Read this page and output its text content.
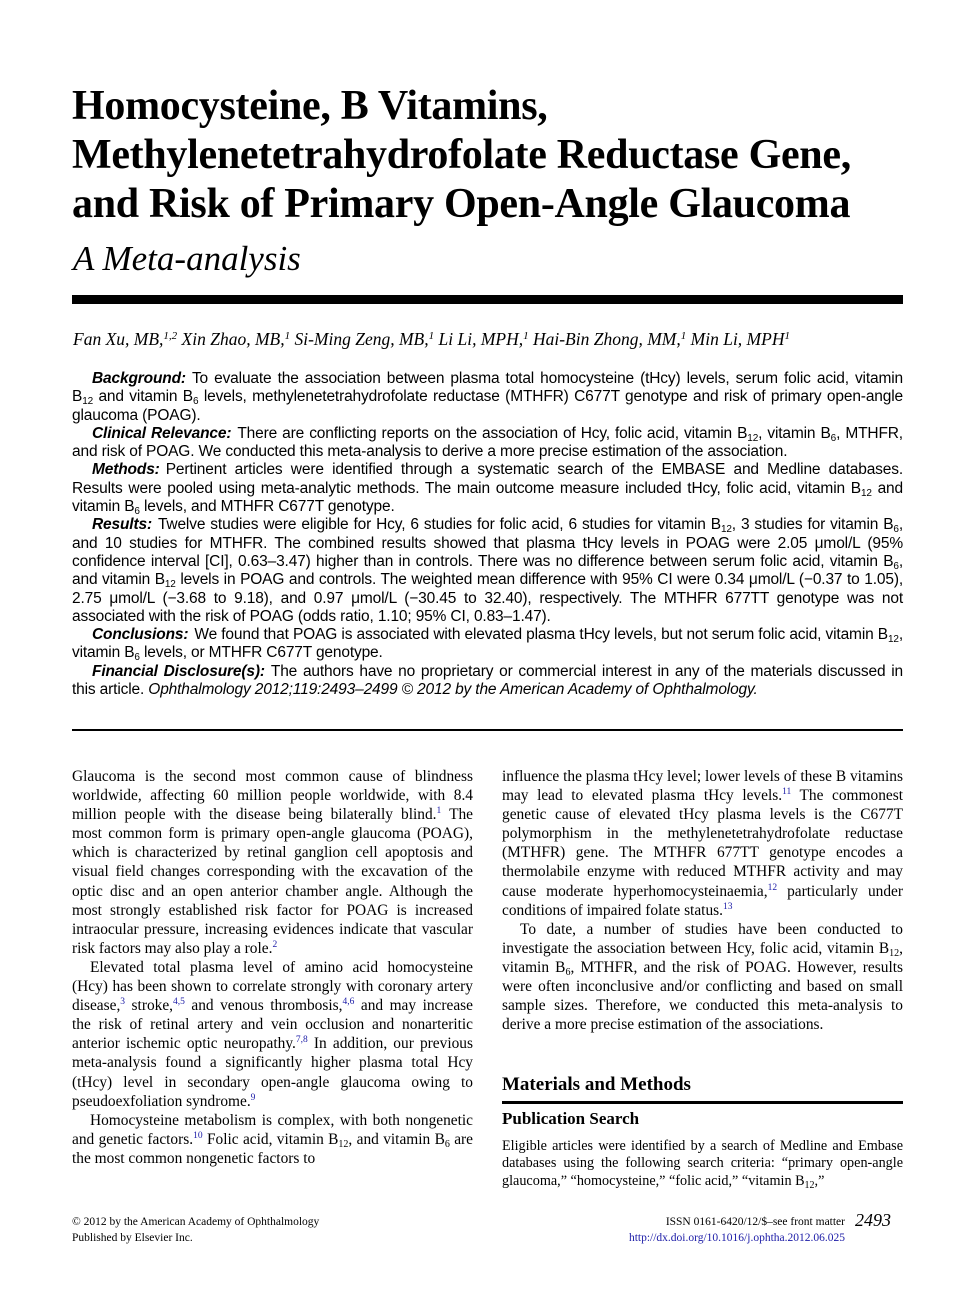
Homocysteine, B Vitamins, Methylenetetrahydrofolate Reductase Gene, and Risk of Primary Open-Angle Glaucoma
A Meta-analysis
Fan Xu, MB,$^{1,2}$ Xin Zhao, MB,$^1$ Si-Ming Zeng, MB,$^1$ Li Li, MPH,$^1$ Hai-Bin Zhong, MM,$^1$ Min Li, MPH$^1$

Background: To evaluate the association between plasma total homocysteine (tHcy) levels, serum folic acid, vitamin $B_{12}$ and vitamin $B_6$ levels, methylenetetrahydrofolate reductase (MTHFR) C677T genotype and risk of primary open-angle glaucoma (POAG).

Clinical Relevance: There are conflicting reports on the association of Hcy, folic acid, vitamin $B_{12}$, vitamin $B_6$, MTHFR, and risk of POAG. We conducted this meta-analysis to derive a more precise estimation of the association.

Methods: Pertinent articles were identified through a systematic search of the EMBASE and Medline databases. Results were pooled using meta-analytic methods. The main outcome measure included tHcy, folic acid, vitamin $B_{12}$ and vitamin $B_6$ levels, and MTHFR C677T genotype.

Results: Twelve studies were eligible for Hcy, 6 studies for folic acid, 6 studies for vitamin $B_{12}$, 3 studies for vitamin $B_6$, and 10 studies for MTHFR. The combined results showed that plasma tHcy levels in POAG were 2.05 μmol/L (95% confidence interval [CI], 0.63–3.47) higher than in controls. There was no difference between serum folic acid, vitamin $B_6$, and vitamin $B_{12}$ levels in POAG and controls. The weighted mean difference with 95% CI were 0.34 μmol/L (−0.37 to 1.05), 2.75 μmol/L (−3.68 to 9.18), and 0.97 μmol/L (−30.45 to 32.40), respectively. The MTHFR 677TT genotype was not associated with the risk of POAG (odds ratio, 1.10; 95% CI, 0.83–1.47).

Conclusions: We found that POAG is associated with elevated plasma tHcy levels, but not serum folic acid, vitamin $B_{12}$, vitamin $B_6$ levels, or MTHFR C677T genotype.

Financial Disclosure(s): The authors have no proprietary or commercial interest in any of the materials discussed in this article. Ophthalmology 2012;119:2493–2499 © 2012 by the American Academy of Ophthalmology.

Glaucoma is the second most common cause of blindness worldwide, affecting 60 million people worldwide, with 8.4 million people with the disease being bilaterally blind.$^1$ The most common form is primary open-angle glaucoma (POAG), which is characterized by retinal ganglion cell apoptosis and visual field changes corresponding with the excavation of the optic disc and an open anterior chamber angle. Although the most strongly established risk factor for POAG is increased intraocular pressure, increasing evidences indicate that vascular risk factors may also play a role.$^2$

Elevated total plasma level of amino acid homocysteine (Hcy) has been shown to correlate strongly with coronary artery disease,$^3$ stroke,$^{4,5}$ and venous thrombosis,$^{4,6}$ and may increase the risk of retinal artery and vein occlusion and nonarteritic anterior ischemic optic neuropathy.$^{7,8}$ In addition, our previous meta-analysis found a significantly higher plasma total Hcy (tHcy) level in secondary open-angle glaucoma owing to pseudoexfoliation syndrome.$^9$

Homocysteine metabolism is complex, with both nongenetic and genetic factors.$^{10}$ Folic acid, vitamin $B_{12}$, and vitamin $B_6$ are the most common nongenetic factors to

influence the plasma tHcy level; lower levels of these B vitamins may lead to elevated plasma tHcy levels.$^{11}$ The commonest genetic cause of elevated tHcy plasma levels is the C677T polymorphism in the methylenetetrahydrofolate reductase (MTHFR) gene. The MTHFR 677TT genotype encodes a thermolabile enzyme with reduced MTHFR activity and may cause moderate hyperhomocysteinaemia,$^{12}$ particularly under conditions of impaired folate status.$^{13}$

To date, a number of studies have been conducted to investigate the association between Hcy, folic acid, vitamin $B_{12}$, vitamin $B_6$, MTHFR, and the risk of POAG. However, results were often inconclusive and/or conflicting and based on small sample sizes. Therefore, we conducted this meta-analysis to derive a more precise estimation of the associations.

Materials and Methods
Publication Search

Eligible articles were identified by a search of Medline and Embase databases using the following search criteria: “primary open-angle glaucoma,” “homocysteine,” “folic acid,” “vitamin $B_{12}$,”

© 2012 by the American Academy of Ophthalmology
Published by Elsevier Inc.
ISSN 0161-6420/12/$–see front matter
http://dx.doi.org/10.1016/j.ophtha.2012.06.025
2493
